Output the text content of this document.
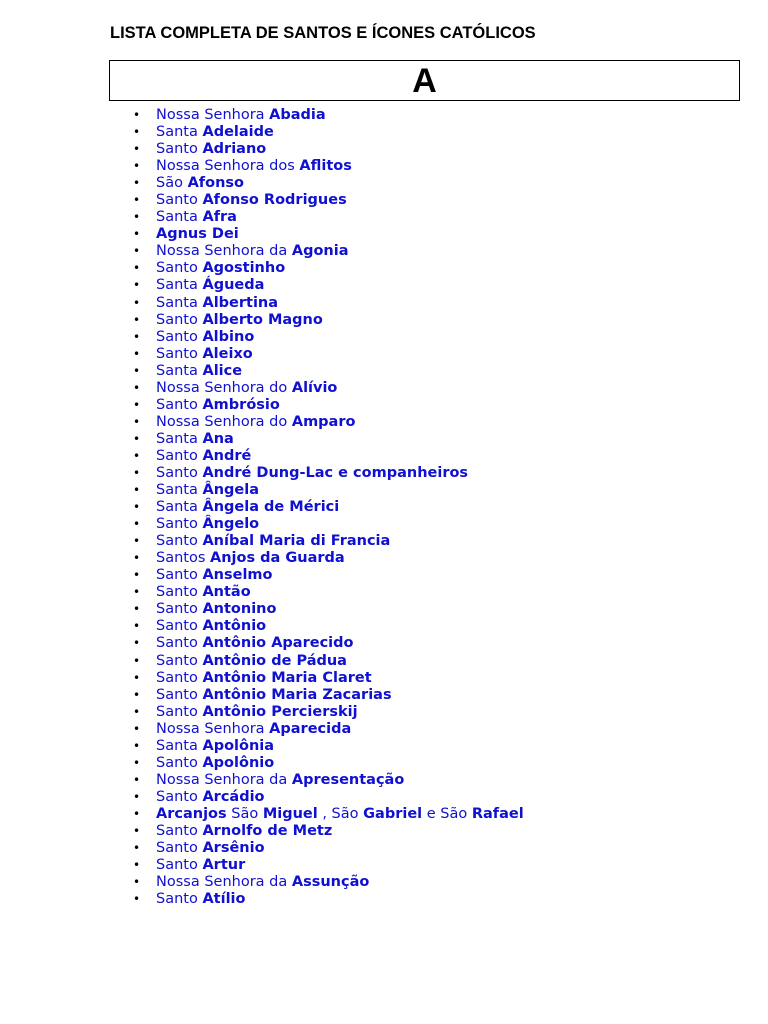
LISTA COMPLETA DE SANTOS E ÍCONES CATÓLICOS
A
• Nossa Senhora Abadia
• Santa Adelaide
• Santo Adriano
• Nossa Senhora dos Aflitos
• São Afonso
• Santo Afonso Rodrigues
• Santa Afra
• Agnus Dei
• Nossa Senhora da Agonia
• Santo Agostinho
• Santa Águeda
• Santa Albertina
• Santo Alberto Magno
• Santo Albino
• Santo Aleixo
• Santa Alice
• Nossa Senhora do Alívio
• Santo Ambrósio
• Nossa Senhora do Amparo
• Santa Ana
• Santo André
• Santo André Dung-Lac e companheiros
• Santa Ângela
• Santa Ângela de Mérici
• Santo Ângelo
• Santo Aníbal Maria di Francia
• Santos Anjos da Guarda
• Santo Anselmo
• Santo Antão
• Santo Antonino
• Santo Antônio
• Santo Antônio Aparecido
• Santo Antônio de Pádua
• Santo Antônio Maria Claret
• Santo Antônio Maria Zacarias
• Santo Antônio Percierskij
• Nossa Senhora Aparecida
• Santa Apolônia
• Santo Apolônio
• Nossa Senhora da Apresentação
• Santo Arcádio
• Arcanjos São Miguel , São Gabriel e São Rafael
• Santo Arnolfo de Metz
• Santo Arsênio
• Santo Artur
• Nossa Senhora da Assunção
• Santo Atílio
